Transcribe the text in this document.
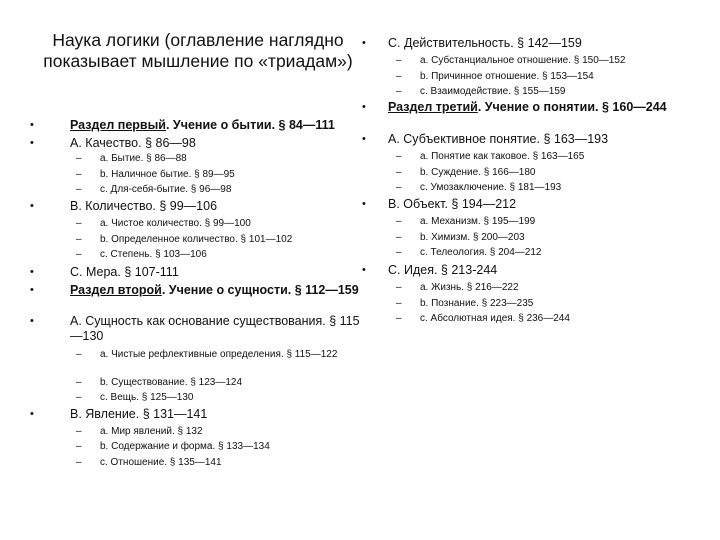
Наука логики (оглавление наглядно показывает мышление по «триадам»)
•	Раздел первый. Учение о бытии. § 84—111
•	A. Качество. § 86—98
– a. Бытие. § 86—88
– b. Наличное бытие. § 89—95
– c. Для-себя-бытие. § 96—98
•	B. Количество. § 99—106
– a. Чистое количество. § 99—100
– b. Определенное количество. § 101—102
– c. Степень. § 103—106
•	C. Мера. § 107-111
•	Раздел второй. Учение о сущности. § 112—159
•	A. Сущность как основание существования. § 115—130
– a. Чистые рефлективные определения. § 115—122
– b. Существование. § 123—124
– c. Вещь. § 125—130
•	B. Явление. § 131—141
– a. Мир явлений. § 132
– b. Содержание и форма. § 133—134
– c. Отношение. § 135—141
• C. Действительность. § 142—159
– a. Субстанциальное отношение. § 150—152
– b. Причинное отношение. § 153—154
– c. Взаимодействие. § 155—159
• Раздел третий. Учение о понятии. § 160—244
• A. Субъективное понятие. § 163—193
– a. Понятие как таковое. § 163—165
– b. Суждение. § 166—180
– c. Умозаключение. § 181—193
• B. Объект. § 194—212
– a. Механизм. § 195—199
– b. Химизм. § 200—203
– c. Телеология. § 204—212
• C. Идея. § 213-244
– a. Жизнь. § 216—222
– b. Познание. § 223—235
– c. Абсолютная идея. § 236—244
